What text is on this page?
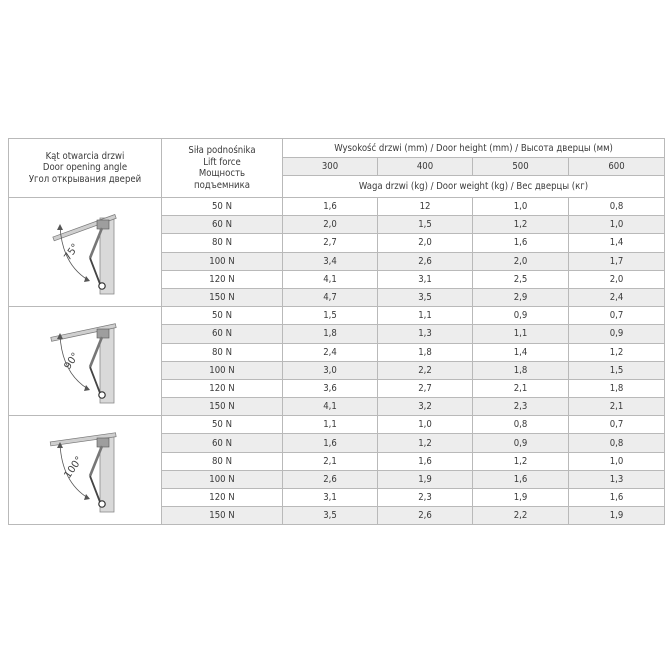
Kąt otwarcia drzwi
Door opening angle
Угол открывания дверей	Siła podnośnika
Lift force
Мощность
подъемника	Wysokość drzwi (mm) / Door height (mm) / Высота дверцы (мм)			
		300	400	500	600
		Waga drzwi (kg) / Door weight (kg) / Вес дверцы (кг)			

75°	50 N	1,6	12	1,0	0,8
	60 N	2,0	1,5	1,2	1,0
	80 N	2,7	2,0	1,6	1,4
	100 N	3,4	2,6	2,0	1,7
	120 N	4,1	3,1	2,5	2,0
	150 N	4,7	3,5	2,9	2,4

90°	50 N	1,5	1,1	0,9	0,7
	60 N	1,8	1,3	1,1	0,9
	80 N	2,4	1,8	1,4	1,2
	100 N	3,0	2,2	1,8	1,5
	120 N	3,6	2,7	2,1	1,8
	150 N	4,1	3,2	2,3	2,1

100°	50 N	1,1	1,0	0,8	0,7
	60 N	1,6	1,2	0,9	0,8
	80 N	2,1	1,6	1,2	1,0
	100 N	2,6	1,9	1,6	1,3
	120 N	3,1	2,3	1,9	1,6
	150 N	3,5	2,6	2,2	1,9
